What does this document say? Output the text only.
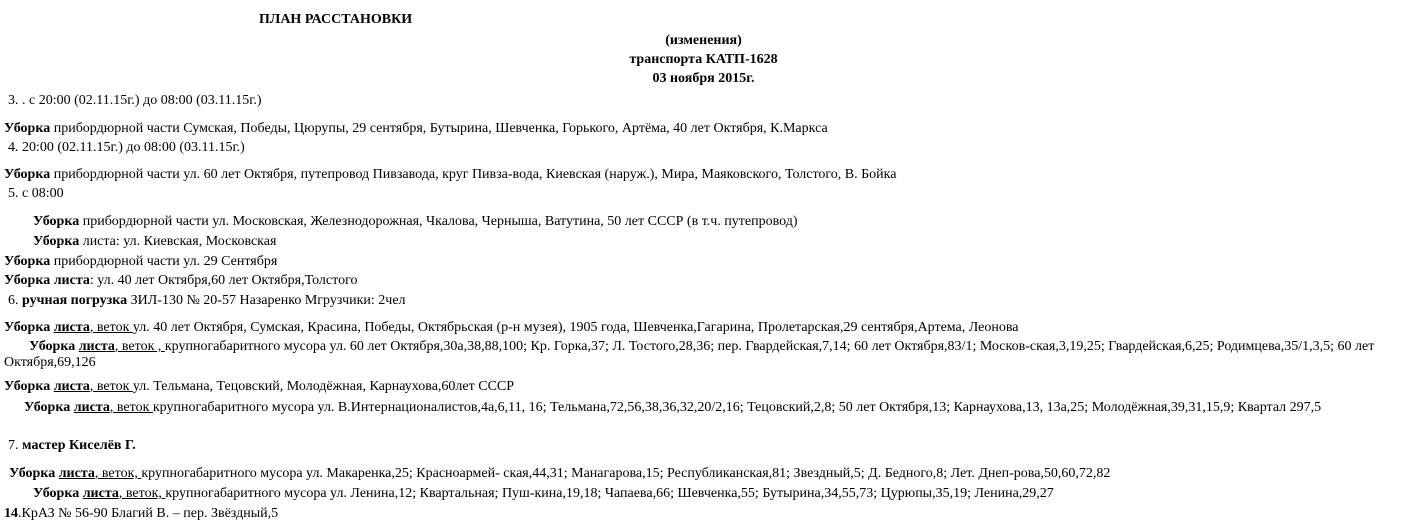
ПЛАН РАССТАНОВКИ
(изменения)
транспорта КАТП-1628
03 ноября 2015г.
3. . с 20:00 (02.11.15г.) до 08:00 (03.11.15г.)
Уборка прибордюрной части Сумская, Победы, Цюрупы, 29 сентября, Бутырина, Шевченка, Горького, Артёма, 40 лет Октября, К.Маркса
4. 20:00 (02.11.15г.) до 08:00 (03.11.15г.)
Уборка прибордюрной части ул. 60 лет Октября, путепровод Пивзавода, круг Пивза-вода, Киевская (наруж.), Мира, Маяковского, Толстого, В. Бойка
5. с 08:00
Уборка прибордюрной части ул. Московская, Железнодорожная, Чкалова, Черныша, Ватутина, 50 лет СССР (в т.ч. путепровод)
Уборка листа: ул. Киевская, Московская
Уборка прибордюрной части ул. 29 Сентября
Уборка листа: ул. 40 лет Октября,60 лет Октября,Толстого
6. ручная погрузка ЗИЛ-130 № 20-57 Назаренко Мгрузчики: 2чел
Уборка листа, веток ул. 40 лет Октября, Сумская, Красина, Победы, Октябрьская (р-н музея), 1905 года, Шевченка,Гагарина, Пролетарская,29 сентября,Артема, Леонова
Уборка листа, веток , крупногабаритного мусора ул. 60 лет Октября,30а,38,88,100; Кр. Горка,37; Л. Тостого,28,36; пер. Гвардейская,7,14; 60 лет Октября,83/1; Москов-ская,3,19,25; Гвардейская,6,25; Родимцева,35/1,3,5; 60 лет Октября,69,126
Уборка листа, веток ул. Тельмана, Тецовский, Молодёжная, Карнаухова,60лет СССР
Уборка листа, веток крупногабаритного мусора ул. В.Интернационалистов,4а,6,11, 16; Тельмана,72,56,38,36,32,20/2,16; Тецовский,2,8; 50 лет Октября,13; Карнаухова,13, 13а,25; Молодёжная,39,31,15,9; Квартал 297,5
7. мастер Киселёв Г.
Уборка листа, веток, крупногабаритного мусора ул. Макаренка,25; Красноармей- ская,44,31; Манагарова,15; Республиканская,81; Звездный,5; Д. Бедного,8; Лет. Днеп-рова,50,60,72,82
Уборка листа, веток, крупногабаритного мусора ул. Ленина,12; Квартальная; Пуш-кина,19,18; Чапаева,66; Шевченка,55; Бутырина,34,55,73; Цурюпы,35,19; Ленина,29,27
14.КрАЗ № 56-90 Благий В. – пер. Звёздный,5
